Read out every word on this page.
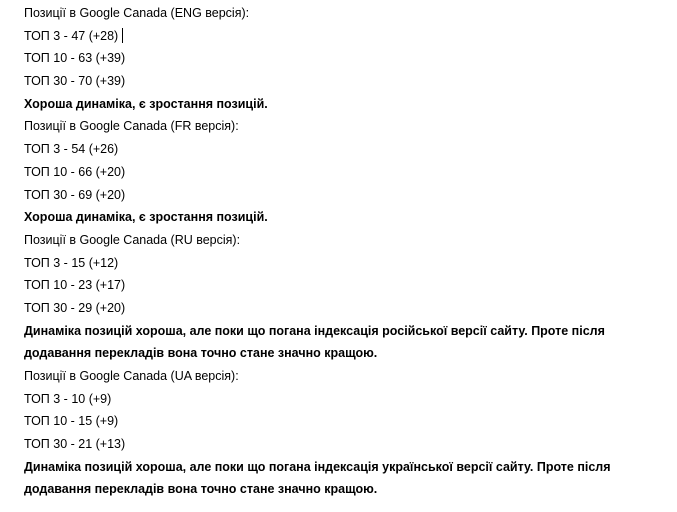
Позиції в Google Canada (ENG версія):
ТОП 3 - 47 (+28)
ТОП 10 - 63 (+39)
ТОП 30 - 70 (+39)
Хороша динаміка, є зростання позицій.
Позиції в Google Canada (FR версія):
ТОП 3 - 54 (+26)
ТОП 10 - 66 (+20)
ТОП 30 - 69 (+20)
Хороша динаміка, є зростання позицій.
Позиції в Google Canada (RU версія):
ТОП 3 - 15 (+12)
ТОП 10 - 23 (+17)
ТОП 30 - 29 (+20)
Динаміка позицій хороша, але поки що погана індексація російської версії сайту. Проте після
додавання перекладів вона точно стане значно кращою.
Позиції в Google Canada (UA версія):
ТОП 3 - 10 (+9)
ТОП 10 - 15 (+9)
ТОП 30 - 21 (+13)
Динаміка позицій хороша, але поки що погана індексація української версії сайту. Проте після
додавання перекладів вона точно стане значно кращою.
